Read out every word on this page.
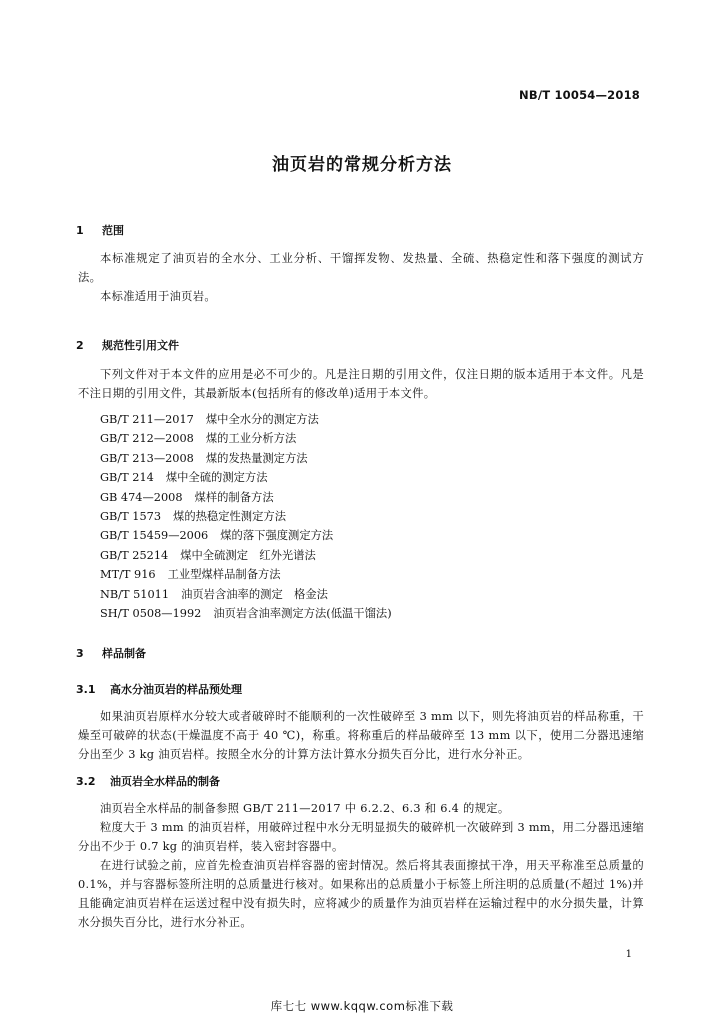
NB/T 10054—2018
油页岩的常规分析方法
1 范围

本标准规定了油页岩的全水分、工业分析、干馏挥发物、发热量、全硫、热稳定性和落下强度的测试方法。

本标准适用于油页岩。

2 规范性引用文件

下列文件对于本文件的应用是必不可少的。凡是注日期的引用文件，仅注日期的版本适用于本文件。凡是不注日期的引用文件，其最新版本(包括所有的修改单)适用于本文件。

GB/T 211—2017 煤中全水分的测定方法
GB/T 212—2008 煤的工业分析方法
GB/T 213—2008 煤的发热量测定方法
GB/T 214 煤中全硫的测定方法
GB 474—2008 煤样的制备方法
GB/T 1573 煤的热稳定性测定方法
GB/T 15459—2006 煤的落下强度测定方法
GB/T 25214 煤中全硫测定　红外光谱法
MT/T 916 工业型煤样品制备方法
NB/T 51011 油页岩含油率的测定　格金法
SH/T 0508—1992 油页岩含油率测定方法(低温干馏法)
3 样品制备
3.1 高水分油页岩的样品预处理

如果油页岩原样水分较大或者破碎时不能顺利的一次性破碎至 3 mm 以下，则先将油页岩的样品称重，干燥至可破碎的状态(干燥温度不高于 40 ℃)，称重。将称重后的样品破碎至 13 mm 以下，使用二分器迅速缩分出至少 3 kg 油页岩样。按照全水分的计算方法计算水分损失百分比，进行水分补正。

3.2 油页岩全水样品的制备

油页岩全水样品的制备参照 GB/T 211—2017 中 6.2.2、6.3 和 6.4 的规定。

粒度大于 3 mm 的油页岩样，用破碎过程中水分无明显损失的破碎机一次破碎到 3 mm，用二分器迅速缩分出不少于 0.7 kg 的油页岩样，装入密封容器中。

在进行试验之前，应首先检查油页岩样容器的密封情况。然后将其表面擦拭干净，用天平称准至总质量的 0.1%，并与容器标签所注明的总质量进行核对。如果称出的总质量小于标签上所注明的总质量(不超过 1%)并且能确定油页岩样在运送过程中没有损失时，应将减少的质量作为油页岩样在运输过程中的水分损失量，计算水分损失百分比，进行水分补正。

1
库七七 www.kqqw.com标准下载
